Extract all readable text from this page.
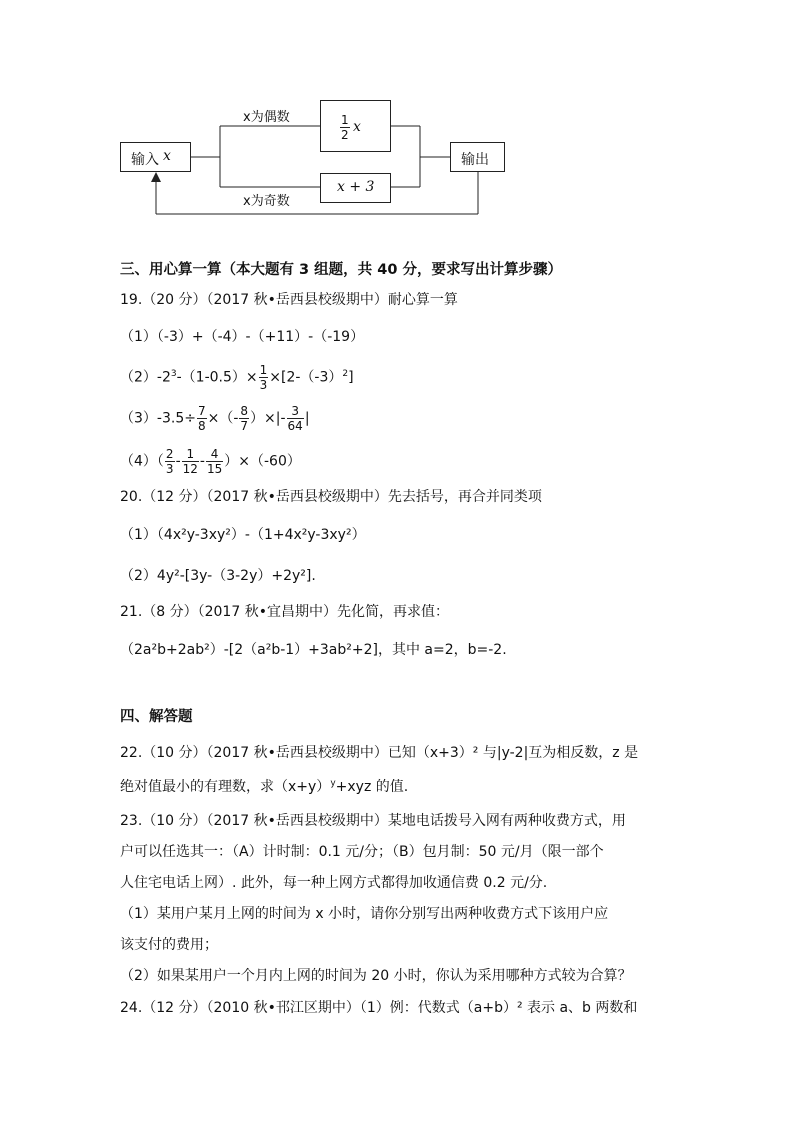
输入 x
x为偶数	$\frac{1}{2}$ x
x为奇数
x + 3
输出
三、用心算一算（本大题有 3 组题，共 40 分，要求写出计算步骤）
19.（20 分）（2017 秋•岳西县校级期中）耐心算一算
（1）（-3）+（-4）-（+11）-（-19）
$(2)-2^3-(1-0.5)\times \frac{1}{3} \times[2-(-3)^2]$
$(3)-3.5\div \frac{7}{8}$ ×（- $\frac{8}{7}$ ）×|- $\frac{3}{64}$ |
$(4)( \frac{2}{3} - \frac{1}{12} - \frac{4}{15} )\times(-60)$
20.（12 分）（2017 秋•岳西县校级期中）先去括号，再合并同类项
（1）（4x²y-3xy²）-（1+4x²y-3xy²）
（2）4y²-[3y-（3-2y）+2y²].
21.（8 分）（2017 秋•宜昌期中）先化简，再求值：
（2a²b+2ab²）-[2（a²b-1）+3ab²+2]，其中 a=2，b=-2.
四、解答题
22.（10 分）（2017 秋•岳西县校级期中）已知（x+3）² 与|y-2|互为相反数，z 是
绝对值最小的有理数，求$(x+y)^y+xyz$ 的值.
23.（10 分）（2017 秋•岳西县校级期中）某地电话拨号入网有两种收费方式，用
户可以任选其一：（A）计时制：0.1 元/分；（B）包月制：50 元/月（限一部个
人住宅电话上网）. 此外，每一种上网方式都得加收通信费 0.2 元/分.
（1）某用户某月上网的时间为 x 小时，请你分别写出两种收费方式下该用户应
该支付的费用；
（2）如果某用户一个月内上网的时间为 20 小时，你认为采用哪种方式较为合算？
24.（12 分）（2010 秋•邗江区期中）（1）例：代数式（a+b）² 表示 a、b 两数和
